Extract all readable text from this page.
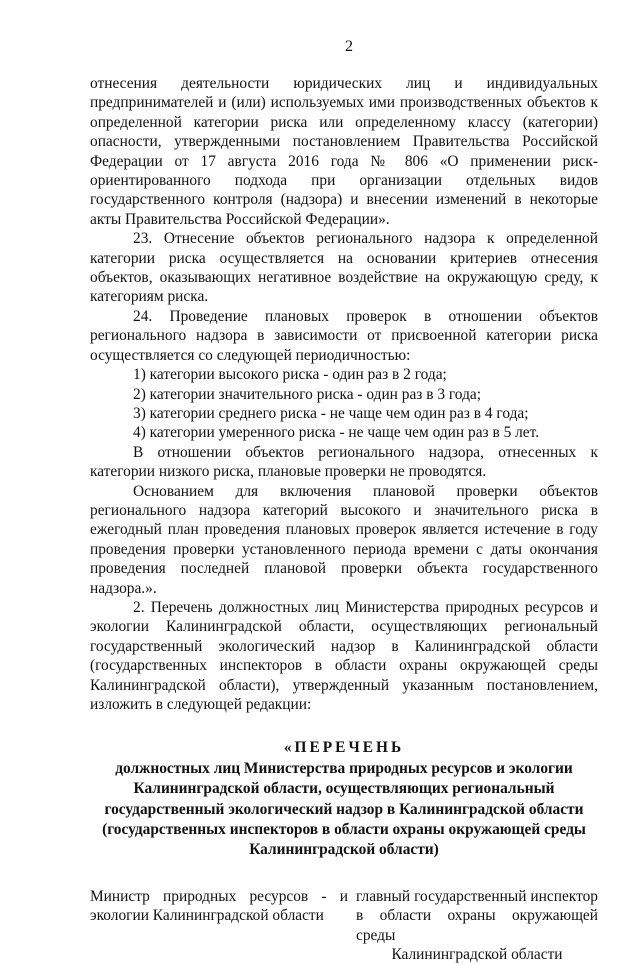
2

отнесения деятельности юридических лиц и индивидуальных предпринимателей и (или) используемых ими производственных объектов к определенной категории риска или определенному классу (категории) опасности, утвержденными постановлением Правительства Российской Федерации от 17 августа 2016 года № 806 «О применении риск-ориентированного подхода при организации отдельных видов государственного контроля (надзора) и внесении изменений в некоторые акты Правительства Российской Федерации».

23. Отнесение объектов регионального надзора к определенной категории риска осуществляется на основании критериев отнесения объектов, оказывающих негативное воздействие на окружающую среду, к категориям риска.

24. Проведение плановых проверок в отношении объектов регионального надзора в зависимости от присвоенной категории риска осуществляется со следующей периодичностью:

1) категории высокого риска - один раз в 2 года;

2) категории значительного риска - один раз в 3 года;

3) категории среднего риска - не чаще чем один раз в 4 года;

4) категории умеренного риска - не чаще чем один раз в 5 лет.

В отношении объектов регионального надзора, отнесенных к категории низкого риска, плановые проверки не проводятся.

Основанием для включения плановой проверки объектов регионального надзора категорий высокого и значительного риска в ежегодный план проведения плановых проверок является истечение в году проведения проверки установленного периода времени с даты окончания проведения последней плановой проверки объекта государственного надзора.».

2. Перечень должностных лиц Министерства природных ресурсов и экологии Калининградской области, осуществляющих региональный государственный экологический надзор в Калининградской области (государственных инспекторов в области охраны окружающей среды Калининградской области), утвержденный указанным постановлением, изложить в следующей редакции:

«ПЕРЕЧЕНЬ
должностных лиц Министерства природных ресурсов и экологии
Калининградской области, осуществляющих региональный
государственный экологический надзор в Калининградской области
(государственных инспекторов в области охраны окружающей среды
Калининградской области)

Министр природных ресурсов - и экологии Калининградской области

главный государственный инспектор в области охраны окружающей среды

Калининградской области
